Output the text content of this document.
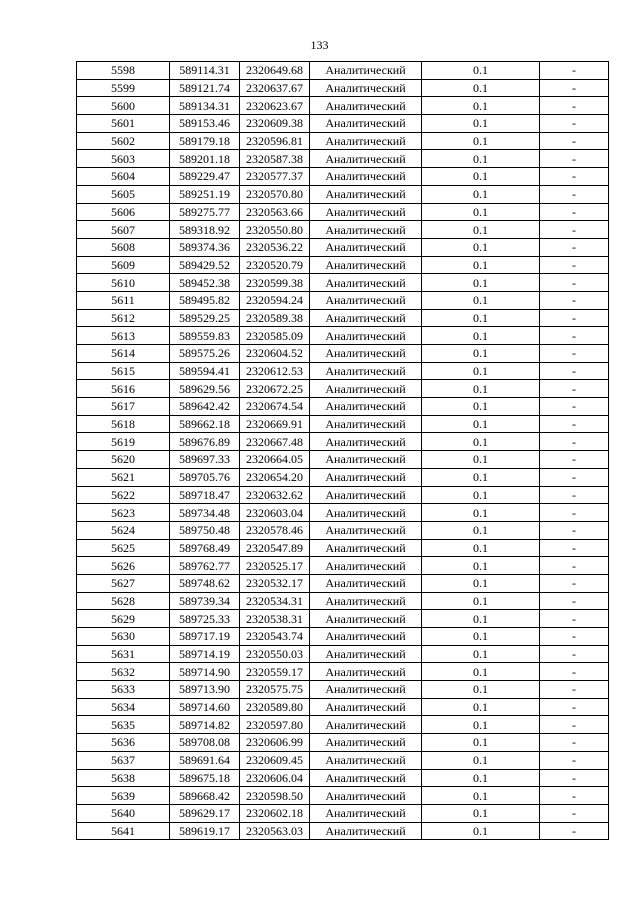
133
5598	589114.31	2320649.68	Аналитический	0.1	-
5599	589121.74	2320637.67	Аналитический	0.1	-
5600	589134.31	2320623.67	Аналитический	0.1	-
5601	589153.46	2320609.38	Аналитический	0.1	-
5602	589179.18	2320596.81	Аналитический	0.1	-
5603	589201.18	2320587.38	Аналитический	0.1	-
5604	589229.47	2320577.37	Аналитический	0.1	-
5605	589251.19	2320570.80	Аналитический	0.1	-
5606	589275.77	2320563.66	Аналитический	0.1	-
5607	589318.92	2320550.80	Аналитический	0.1	-
5608	589374.36	2320536.22	Аналитический	0.1	-
5609	589429.52	2320520.79	Аналитический	0.1	-
5610	589452.38	2320599.38	Аналитический	0.1	-
5611	589495.82	2320594.24	Аналитический	0.1	-
5612	589529.25	2320589.38	Аналитический	0.1	-
5613	589559.83	2320585.09	Аналитический	0.1	-
5614	589575.26	2320604.52	Аналитический	0.1	-
5615	589594.41	2320612.53	Аналитический	0.1	-
5616	589629.56	2320672.25	Аналитический	0.1	-
5617	589642.42	2320674.54	Аналитический	0.1	-
5618	589662.18	2320669.91	Аналитический	0.1	-
5619	589676.89	2320667.48	Аналитический	0.1	-
5620	589697.33	2320664.05	Аналитический	0.1	-
5621	589705.76	2320654.20	Аналитический	0.1	-
5622	589718.47	2320632.62	Аналитический	0.1	-
5623	589734.48	2320603.04	Аналитический	0.1	-
5624	589750.48	2320578.46	Аналитический	0.1	-
5625	589768.49	2320547.89	Аналитический	0.1	-
5626	589762.77	2320525.17	Аналитический	0.1	-
5627	589748.62	2320532.17	Аналитический	0.1	-
5628	589739.34	2320534.31	Аналитический	0.1	-
5629	589725.33	2320538.31	Аналитический	0.1	-
5630	589717.19	2320543.74	Аналитический	0.1	-
5631	589714.19	2320550.03	Аналитический	0.1	-
5632	589714.90	2320559.17	Аналитический	0.1	-
5633	589713.90	2320575.75	Аналитический	0.1	-
5634	589714.60	2320589.80	Аналитический	0.1	-
5635	589714.82	2320597.80	Аналитический	0.1	-
5636	589708.08	2320606.99	Аналитический	0.1	-
5637	589691.64	2320609.45	Аналитический	0.1	-
5638	589675.18	2320606.04	Аналитический	0.1	-
5639	589668.42	2320598.50	Аналитический	0.1	-
5640	589629.17	2320602.18	Аналитический	0.1	-
5641	589619.17	2320563.03	Аналитический	0.1	-
